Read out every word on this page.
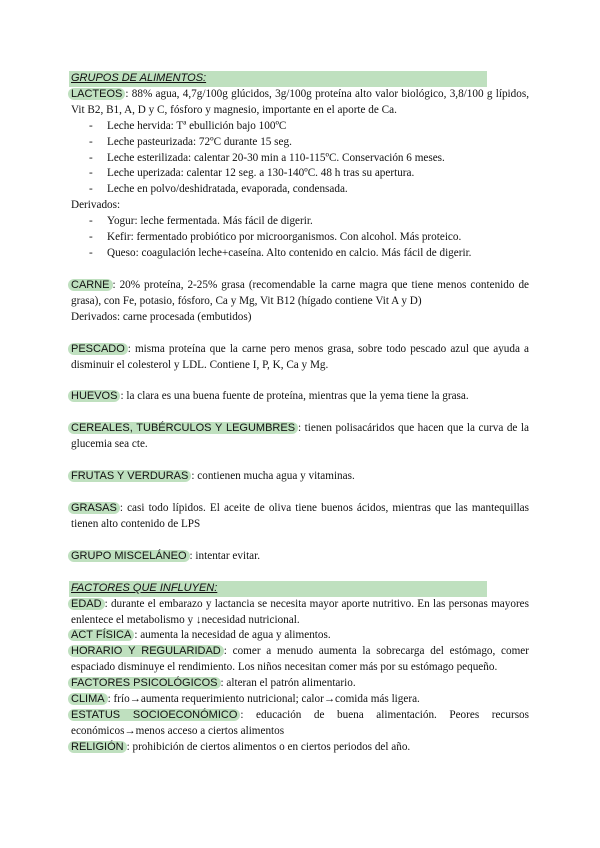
GRUPOS DE ALIMENTOS:

LACTEOS : 88% agua, 4,7g/100g glúcidos, 3g/100g proteína alto valor biológico, 3,8/100 g lípidos, Vit B2, B1, A, D y C, fósforo y magnesio, importante en el aporte de Ca.

- Leche hervida: Tª ebullición bajo 100ºC
- Leche pasteurizada: 72ºC durante 15 seg.
- Leche esterilizada: calentar 20-30 min a 110-115ºC. Conservación 6 meses.
- Leche uperizada: calentar 12 seg. a 130-140ºC. 48 h tras su apertura.
- Leche en polvo/deshidratada, evaporada, condensada.

Derivados:

- Yogur: leche fermentada. Más fácil de digerir.
- Kefir: fermentado probiótico por microorganismos. Con alcohol. Más proteico.
- Queso: coagulación leche+caseína. Alto contenido en calcio. Más fácil de digerir.

CARNE : 20% proteína, 2-25% grasa (recomendable la carne magra que tiene menos contenido de grasa), con Fe, potasio, fósforo, Ca y Mg, Vit B12 (hígado contiene Vit A y D)

Derivados: carne procesada (embutidos)

PESCADO : misma proteína que la carne pero menos grasa, sobre todo pescado azul que ayuda a disminuir el colesterol y LDL. Contiene I, P, K, Ca y Mg.

HUEVOS : la clara es una buena fuente de proteína, mientras que la yema tiene la grasa.

CEREALES, TUBÉRCULOS Y LEGUMBRES : tienen polisacáridos que hacen que la curva de la glucemia sea cte.

FRUTAS Y VERDURAS : contienen mucha agua y vitaminas.

GRASAS : casi todo lípidos. El aceite de oliva tiene buenos ácidos, mientras que las mantequillas tienen alto contenido de LPS

GRUPO MISCELÁNEO : intentar evitar.

FACTORES QUE INFLUYEN:

EDAD : durante el embarazo y lactancia se necesita mayor aporte nutritivo. En las personas mayores enlentece el metabolismo y ↓necesidad nutricional.

ACT FÍSICA : aumenta la necesidad de agua y alimentos.

HORARIO Y REGULARIDAD : comer a menudo aumenta la sobrecarga del estómago, comer espaciado disminuye el rendimiento. Los niños necesitan comer más por su estómago pequeño.

FACTORES PSICOLÓGICOS : alteran el patrón alimentario.

CLIMA : frío→aumenta requerimiento nutricional; calor→comida más ligera.

ESTATUS SOCIOECONÓMICO : educación de buena alimentación. Peores recursos económicos→menos acceso a ciertos alimentos

RELIGIÓN : prohibición de ciertos alimentos o en ciertos periodos del año.
